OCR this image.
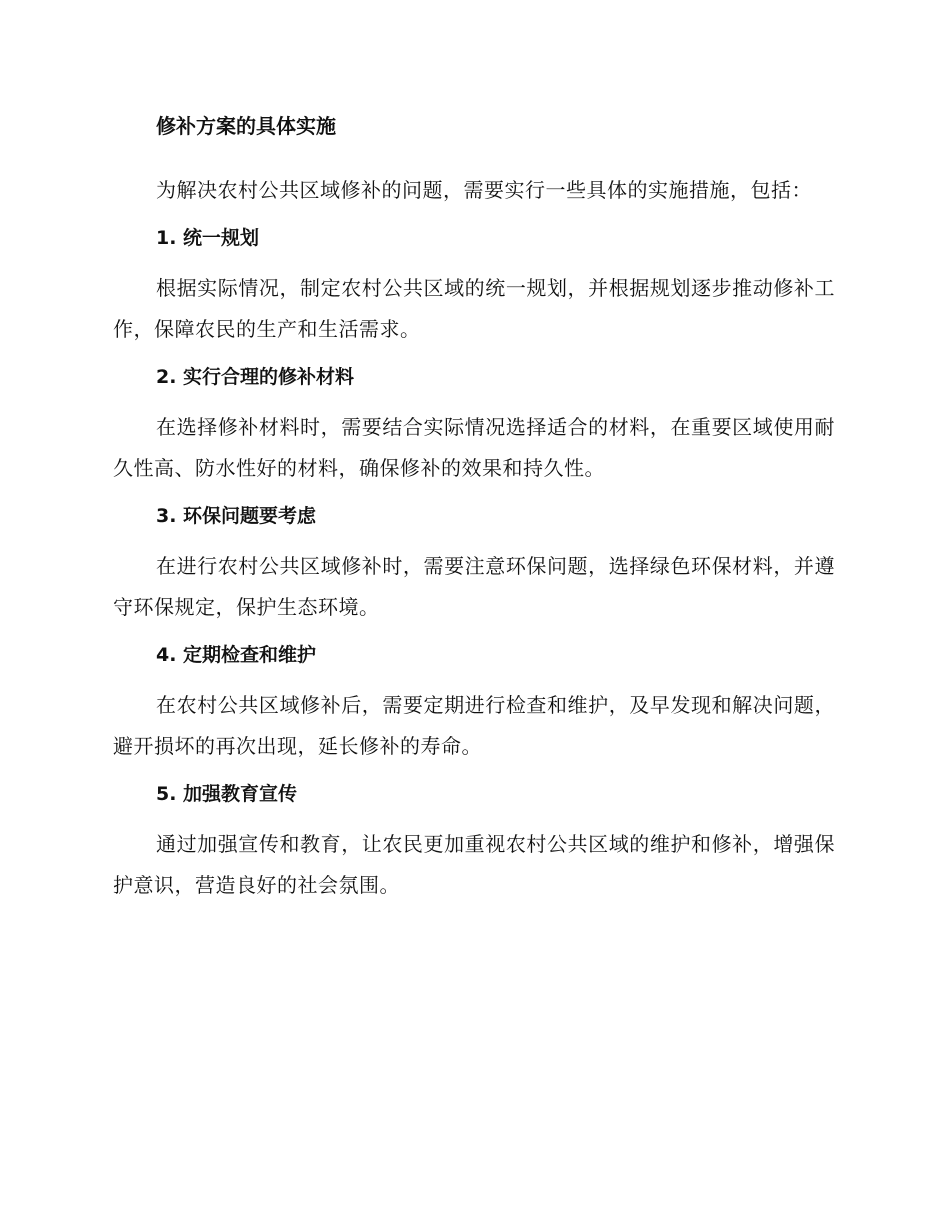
修补方案的具体实施

为解决农村公共区域修补的问题，需要实行一些具体的实施措施，包括：

1. 统一规划

根据实际情况，制定农村公共区域的统一规划，并根据规划逐步推动修补工作，保障农民的生产和生活需求。

2. 实行合理的修补材料

在选择修补材料时，需要结合实际情况选择适合的材料，在重要区域使用耐久性高、防水性好的材料，确保修补的效果和持久性。

3. 环保问题要考虑

在进行农村公共区域修补时，需要注意环保问题，选择绿色环保材料，并遵守环保规定，保护生态环境。

4. 定期检查和维护

在农村公共区域修补后，需要定期进行检查和维护，及早发现和解决问题，避开损坏的再次出现，延长修补的寿命。

5. 加强教育宣传

通过加强宣传和教育，让农民更加重视农村公共区域的维护和修补，增强保护意识，营造良好的社会氛围。
